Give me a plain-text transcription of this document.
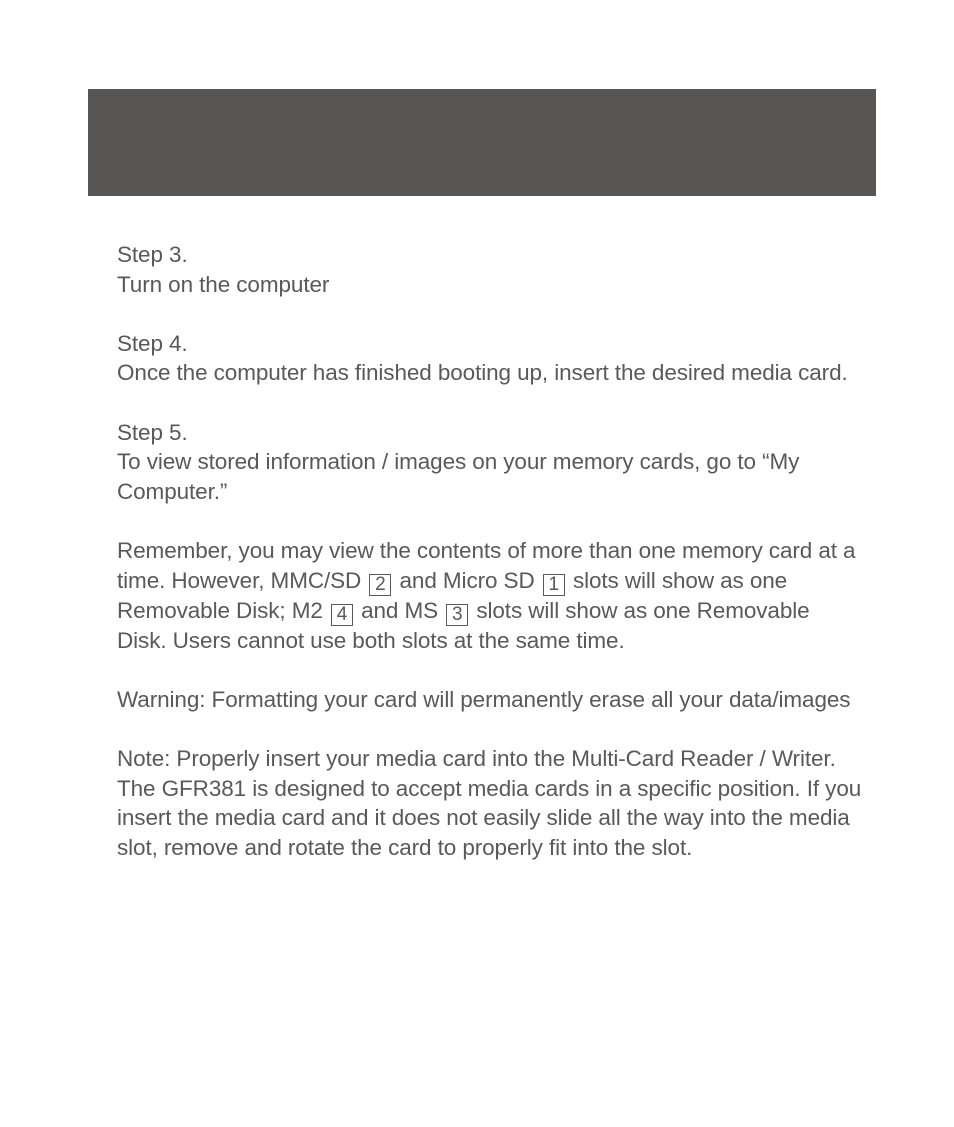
Step 3.
Turn on the computer
Step 4.
Once the computer has finished booting up, insert the desired media card.
Step 5.
To view stored information / images on your memory cards, go to “My Computer.”
Remember, you may view the contents of more than one memory card at a time. However, MMC/SD 2 and Micro SD 1 slots will show as one Removable Disk; M2 4 and MS 3 slots will show as one Removable Disk. Users cannot use both slots at the same time.
Warning: Formatting your card will permanently erase all your data/images
Note: Properly insert your media card into the Multi-Card Reader / Writer. The GFR381 is designed to accept media cards in a specific position. If you insert the media card and it does not easily slide all the way into the media slot, remove and rotate the card to properly fit into the slot.
